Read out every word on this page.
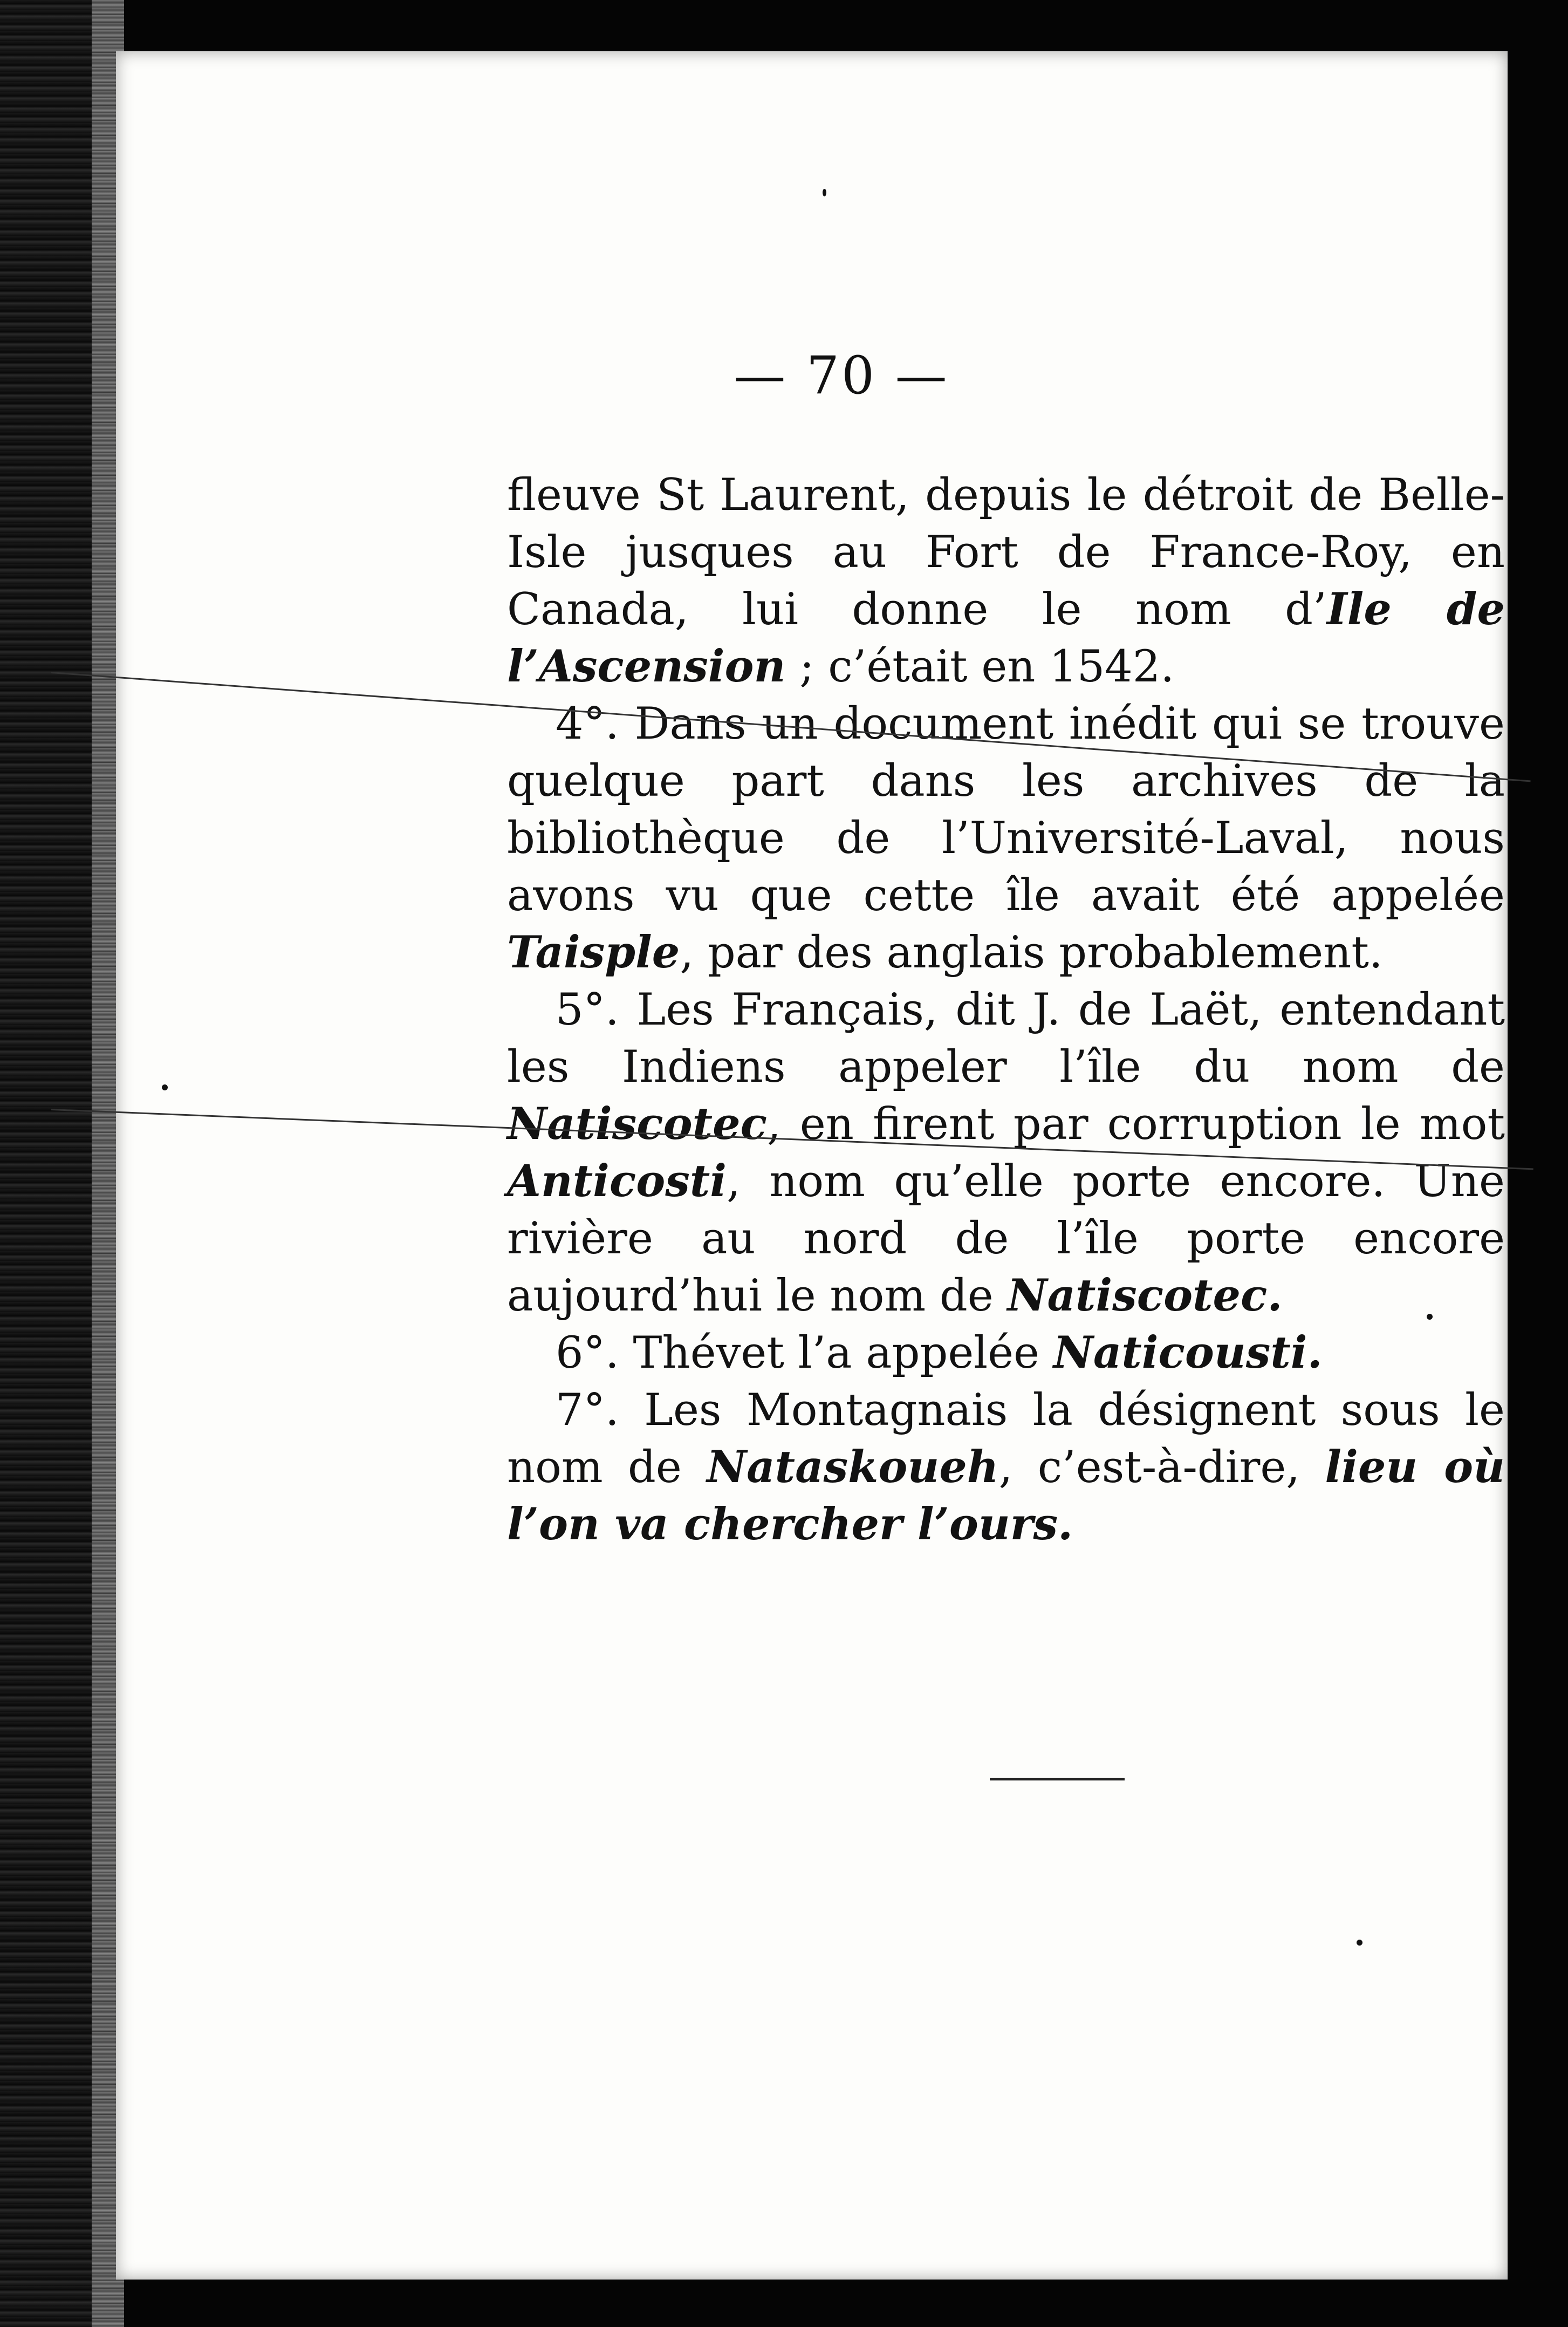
— 70 —

fleuve St Laurent, depuis le détroit de Belle-Isle jusques au Fort de France-Roy, en Canada, lui donne le nom d’Ile de l’Ascension ; c’était en 1542.

4°. Dans un document inédit qui se trouve quelque part dans les archives de la bibliothèque de l’Université-Laval, nous avons vu que cette île avait été appelée Taisple, par des anglais probablement.

5°. Les Français, dit J. de Laët, entendant les Indiens appeler l’île du nom de Natiscotec, en firent par corruption le mot Anticosti, nom qu’elle porte encore. Une rivière au nord de l’île porte encore aujourd’hui le nom de Natiscotec.

6°. Thévet l’a appelée Naticousti.

7°. Les Montagnais la désignent sous le nom de Nataskoueh, c’est-à-dire, lieu où l’on va chercher l’ours.
